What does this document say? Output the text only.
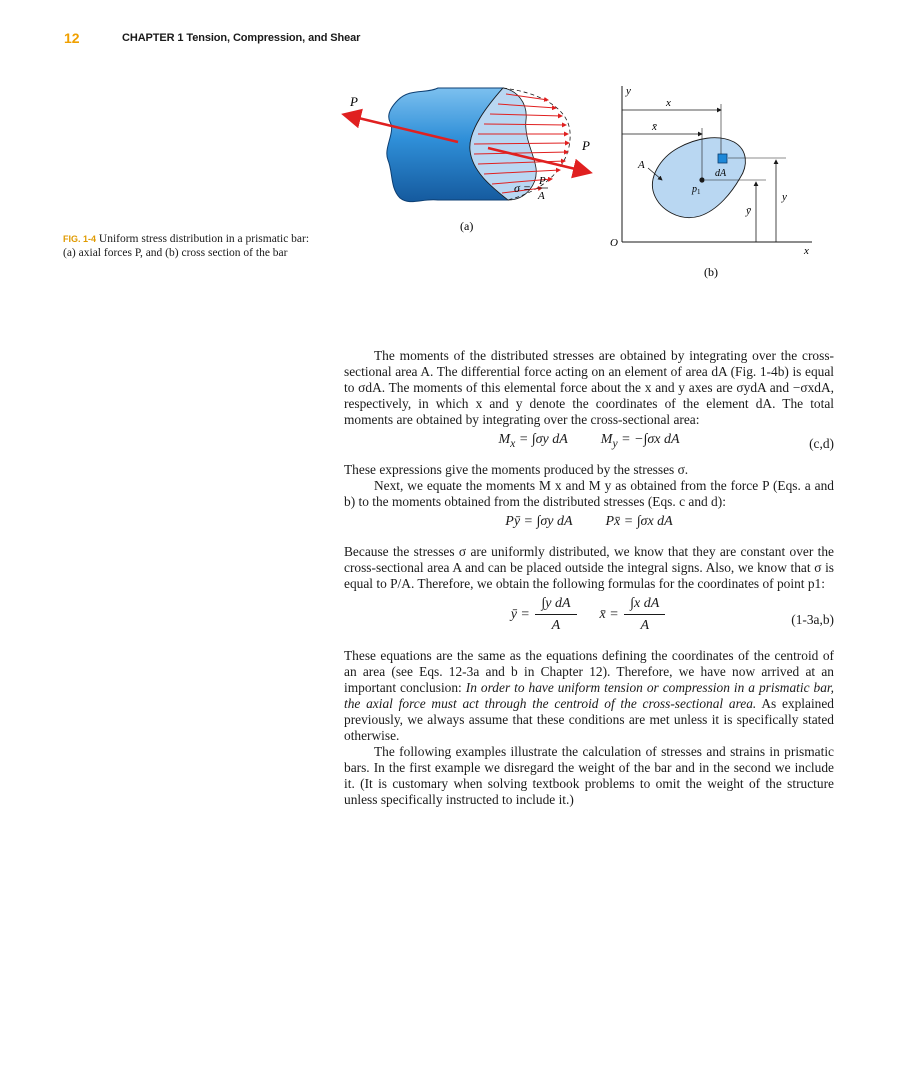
12	CHAPTER 1 Tension, Compression, and Shear
P
P
σ = P
A
(a)
y
x
O
dA
$p_1$
A
x
x̄
y
ȳ
(b)
FIG. 1-4 Uniform stress distribution in a prismatic bar: (a) axial forces P, and (b) cross section of the bar

The moments of the distributed stresses are obtained by integrating over the cross-sectional area A. The differential force acting on an element of area dA (Fig. 1-4b) is equal to σdA. The moments of this elemental force about the x and y axes are σydA and −σxdA, respectively, in which x and y denote the coordinates of the element dA. The total moments are obtained by integrating over the cross-sectional area:

$M_x = \int\sigma y$ dA $M_y = -\int\sigma x$ dA	(c,d)

These expressions give the moments produced by the stresses σ.

Next, we equate the moments M x and M y as obtained from the force P (Eqs. a and b) to the moments obtained from the distributed stresses (Eqs. c and d):

Pȳ = ∫σy dA Px̄ = ∫σx dA

Because the stresses σ are uniformly distributed, we know that they are constant over the cross-sectional area A and can be placed outside the integral signs. Also, we know that σ is equal to P/A. Therefore, we obtain the following formulas for the coordinates of point p1:

ȳ = $\frac{\text{∫y dA}}{A}$ x̄ = $\frac{\text{∫x dA}}{A}$	(1-3a,b)

These equations are the same as the equations defining the coordinates of the centroid of an area (see Eqs. 12-3a and b in Chapter 12). Therefore, we have now arrived at an important conclusion: In order to have uniform tension or compression in a prismatic bar, the axial force must act through the centroid of the cross-sectional area. As explained previously, we always assume that these conditions are met unless it is specifically stated otherwise.

The following examples illustrate the calculation of stresses and strains in prismatic bars. In the first example we disregard the weight of the bar and in the second we include it. (It is customary when solving textbook problems to omit the weight of the structure unless specifically instructed to include it.)
